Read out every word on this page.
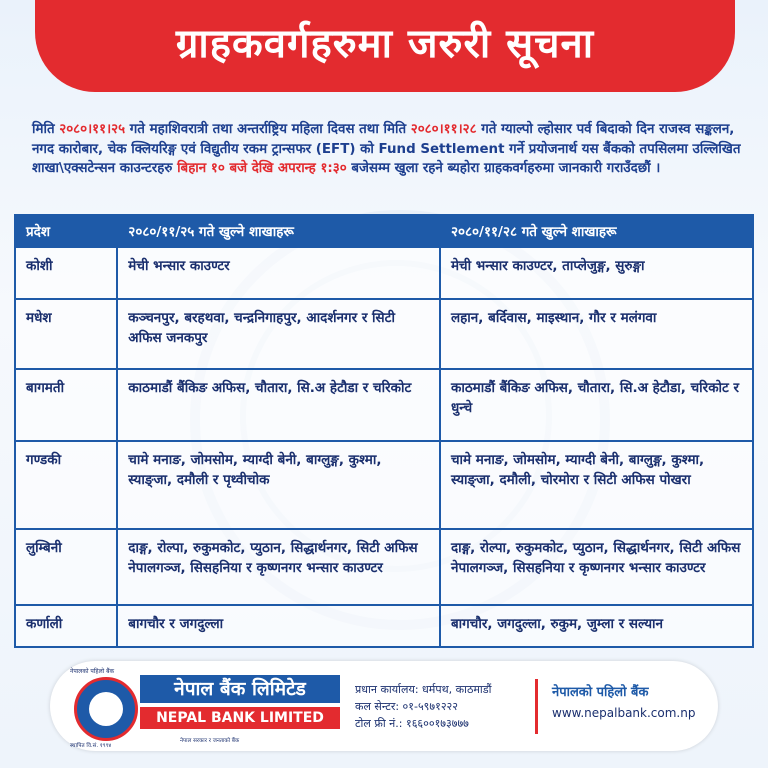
ग्राहकवर्गहरुमा जरुरी सूचना
मिति २०८०।११।२५ गते महाशिवरात्री तथा अन्तर्राष्ट्रिय महिला दिवस तथा मिति २०८०।११।२८ गते ग्याल्पो ल्होसार पर्व बिदाको दिन राजस्व सङ्कलन, नगद कारोबार, चेक क्लियरिङ्ग एवं विद्युतीय रकम ट्रान्सफर (EFT) को Fund Settlement गर्ने प्रयोजनार्थ यस बैंकको तपसिलमा उल्लिखित शाखा\एक्सटेन्सन काउन्टरहरु बिहान १० बजे देखि अपरान्ह १:३० बजेसम्म खुला रहने ब्यहोरा ग्राहकवर्गहरुमा जानकारी गराउँदछौं ।
प्रदेश	२०८०/११/२५ गते खुल्ने शाखाहरू	२०८०/११/२८ गते खुल्ने शाखाहरू
कोशी	मेची भन्सार काउण्टर	मेची भन्सार काउण्टर, ताप्लेजुङ्ग, सुरुङ्गा
मधेश	कञ्चनपुर, बरहथवा, चन्द्रनिगाहपुर, आदर्शनगर र सिटी अफिस जनकपुर	लहान, बर्दिवास, माइस्थान, गौर र मलंगवा
बागमती	काठमाडौं बैंकिङ अफिस, चौतारा, सि.अ हेटौडा र चरिकोट	काठमाडौं बैंकिङ अफिस, चौतारा, सि.अ हेटौडा, चरिकोट र धुन्चे
गण्डकी	चामे मनाङ, जोमसोम, म्याग्दी बेनी, बाग्लुङ्ग, कुश्मा, स्याङ्जा, दमौली र पृथ्वीचोक	चामे मनाङ, जोमसोम, म्याग्दी बेनी, बाग्लुङ्ग, कुश्मा, स्याङ्जा, दमौली, चोरमोरा र सिटी अफिस पोखरा
लुम्बिनी	दाङ्ग, रोल्पा, रुकुमकोट, प्युठान, सिद्धार्थनगर, सिटी अफिस नेपालगञ्ज, सिसहनिया र कृष्णनगर भन्सार काउण्टर	दाङ्ग, रोल्पा, रुकुमकोट, प्युठान, सिद्धार्थनगर, सिटी अफिस नेपालगञ्ज, सिसहनिया र कृष्णनगर भन्सार काउण्टर
कर्णाली	बागचौर र जगदुल्ला	बागचौर, जगदुल्ला, रुकुम, जुम्ला र सल्यान
नेपालको पहिलो बैंक
स्थापित वि.सं. १९९४
नेपाल बैंक लिमिटेड
NEPAL BANK LIMITED
नेपाल सरकार र जनताको बैंक
प्रधान कार्यालय: धर्मपथ, काठमाडौं
कल सेन्टर: ०१-५९७१२२२
टोल फ्री नं.: १६६००१७३७७७
नेपालको पहिलो बैंक
www.nepalbank.com.np
